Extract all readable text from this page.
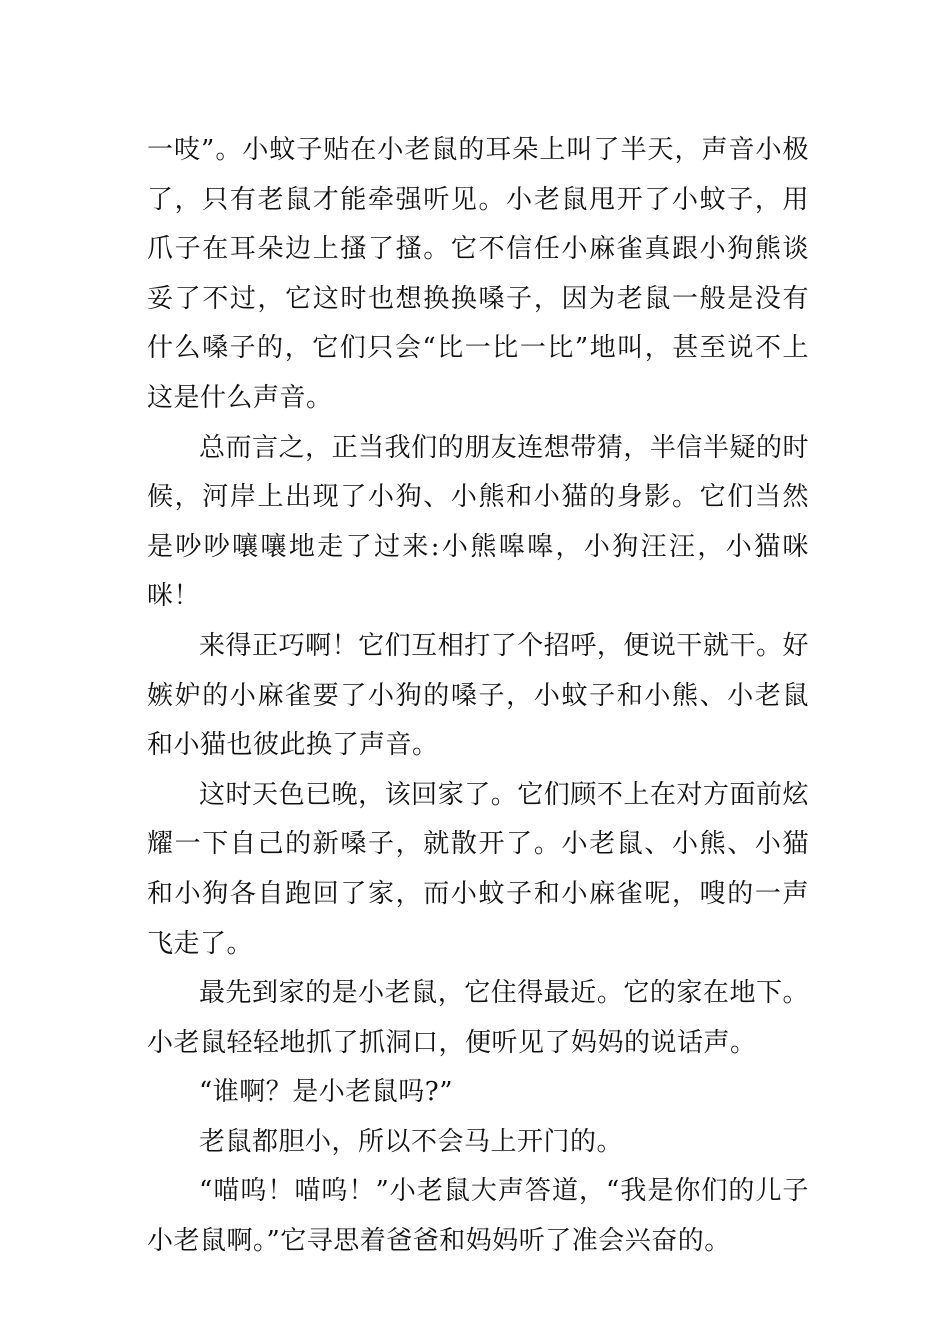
一吱”。小蚊子贴在小老鼠的耳朵上叫了半天，声音小极了，只有老鼠才能牵强听见。小老鼠甩开了小蚊子，用爪子在耳朵边上搔了搔。它不信任小麻雀真跟小狗熊谈妥了不过，它这时也想换换嗓子，因为老鼠一般是没有什么嗓子的，它们只会“比一比一比”地叫，甚至说不上这是什么声音。

总而言之，正当我们的朋友连想带猜，半信半疑的时候，河岸上出现了小狗、小熊和小猫的身影。它们当然是吵吵嚷嚷地走了过来:小熊嗥嗥，小狗汪汪，小猫咪咪！

来得正巧啊！它们互相打了个招呼，便说干就干。好嫉妒的小麻雀要了小狗的嗓子，小蚊子和小熊、小老鼠和小猫也彼此换了声音。

这时天色已晚，该回家了。它们顾不上在对方面前炫耀一下自己的新嗓子，就散开了。小老鼠、小熊、小猫和小狗各自跑回了家，而小蚊子和小麻雀呢，嗖的一声飞走了。

最先到家的是小老鼠，它住得最近。它的家在地下。小老鼠轻轻地抓了抓洞口，便听见了妈妈的说话声。

“谁啊？是小老鼠吗?”

老鼠都胆小，所以不会马上开门的。

“喵呜！喵呜！”小老鼠大声答道，“我是你们的儿子小老鼠啊。”它寻思着爸爸和妈妈听了准会兴奋的。
